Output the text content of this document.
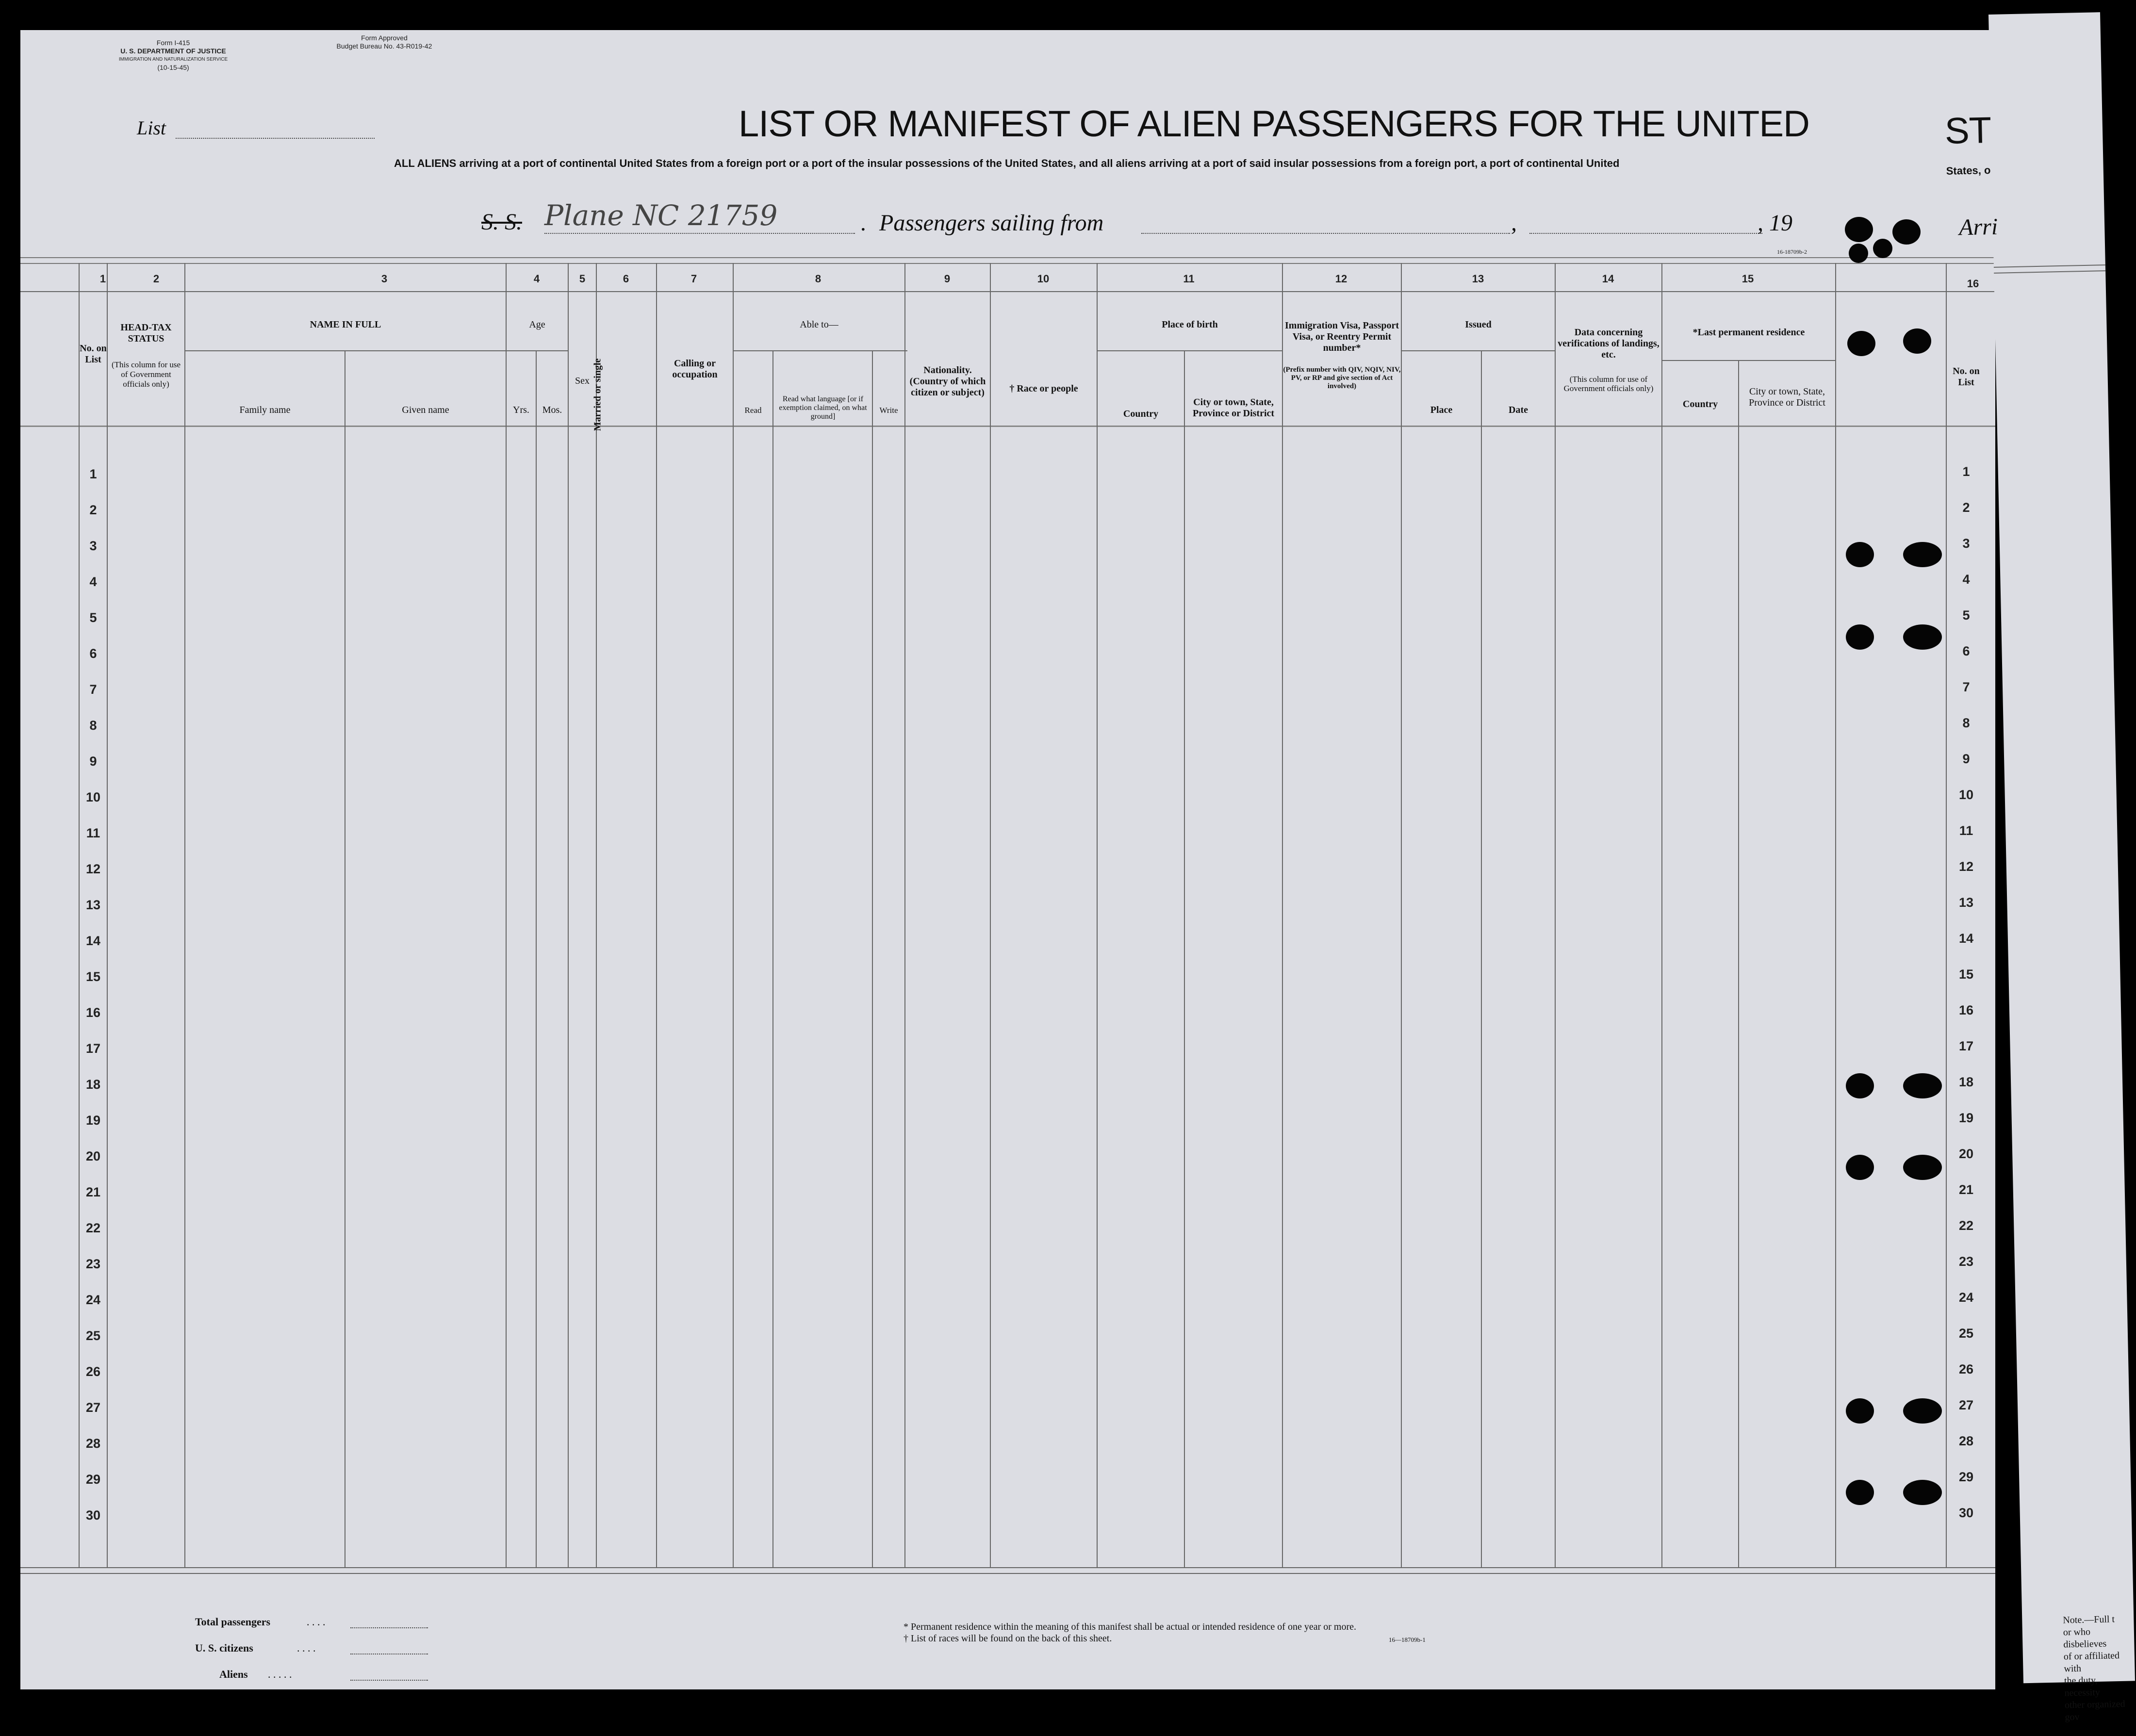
Form I-415
U. S. DEPARTMENT OF JUSTICE
IMMIGRATION AND NATURALIZATION SERVICE
(10-15-45)
Form Approved
Budget Bureau No. 43-R019-42
List	LIST OR MANIFEST OF ALIEN PASSENGERS FOR THE UNITED
ALL ALIENS arriving at a port of continental United States from a foreign port or a port of the insular possessions of the United States, and all aliens arriving at a port of said insular possessions from a foreign port, a port of continental United
S. S. Plane NC 21759	. Passengers sailing from	,	, 19
16-18709b-2
1	2	3	4	5	6	7	8	9	10	11	12	13	14	15	16
No. on List
HEAD-TAX STATUS
(This column for use of Government officials only)
NAME IN FULL
Family name	Given name
Age
Yrs.	Mos.
Sex Married or single	Calling or occupation
Able to—
Read
Read what language [or if exemption claimed, on what ground]
Write
Nationality. (Country of which citizen or subject)	† Race or people
Place of birth
Country
City or town, State, Province or District
Immigration Visa, Passport Visa, or Reentry Permit number*
(Prefix number with QIV, NQIV, NIV, PV, or RP and give section of Act involved)
Issued
Place	Date
Data concerning verifications of landings, etc.
(This column for use of Government officials only)
*Last permanent residence
Country
City or town, State, Province or District
No. on List
1
2
3
4
5
6
7
8
9
10
11
12
13
14
15
16
17
18
19
20
21
22
23
24
25
26
27
28
29
30
1
2
3
4
5
6
7
8
9
10
11
12
13
14
15
16
17
18
19
20
21
22
23
24
25
26
27
28
29
30
Total passengers	. . . .
U. S. citizens	. . . .
Aliens . . . . .
* Permanent residence within the meaning of this manifest shall be actual or intended residence of one year or more.
† List of races will be found on the back of this sheet.	16—18709b-1
ST
States, o
Arri
Note.—Full t
or who disbelieves
of or affiliated with
the duty, necessity
other organized gov
